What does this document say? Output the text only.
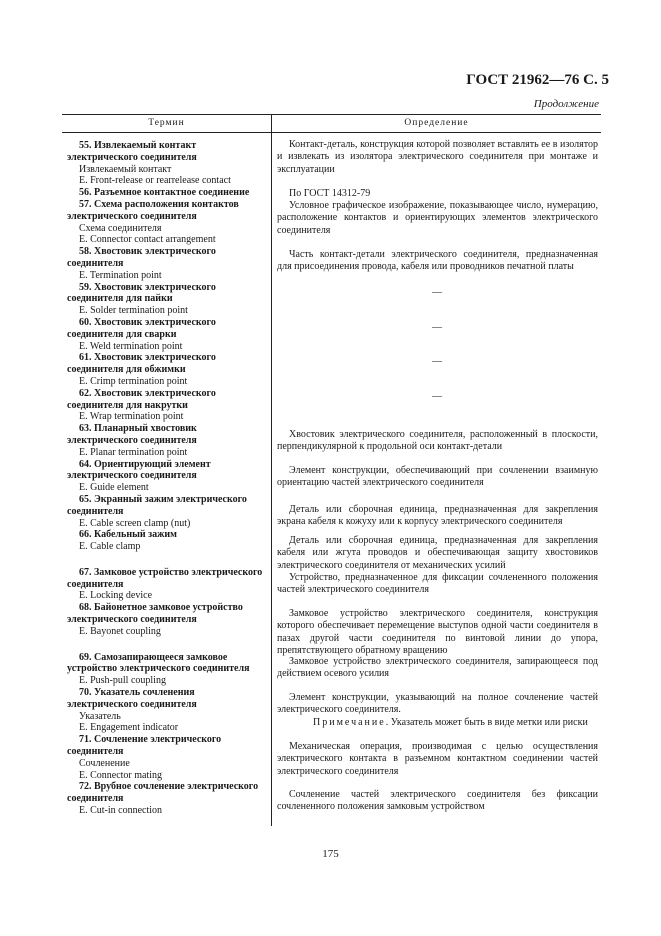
ГОСТ 21962—76 С. 5
Продолжение
Термин	Определение

55. Извлекаемый контакт электрического соединителя

Извлекаемый контакт

E. Front-release or rearrelease contact

56. Разъемное контактное соединение

57. Схема расположения контактов электрического соединителя

Схема соединителя

E. Connector contact arrangement

58. Хвостовик электрического соединителя

E. Termination point

59. Хвостовик электрического соединителя для пайки

E. Solder termination point

60. Хвостовик электрического соединителя для сварки

E. Weld termination point

61. Хвостовик электрического соединителя для обжимки

E. Crimp termination point

62. Хвостовик электрического соединителя для накрутки

E. Wrap termination point

63. Планарный хвостовик электрического соединителя

E. Planar termination point

64. Ориентирующий элемент электрического соединителя

E. Guide element

65. Экранный зажим электрического соединителя

E. Cable screen clamp (nut)

66. Кабельный зажим

E. Cable clamp

67. Замковое устройство электрического соединителя

E. Locking device

68. Байонетное замковое устройство электрического соединителя

E. Bayonet coupling

69. Самозапирающееся замковое устройство электрического соединителя

E. Push-pull coupling

70. Указатель сочленения электрического соединителя

Указатель

E. Engagement indicator

71. Сочленение электрического соединителя

Сочленение

E. Connector mating

72. Врубное сочленение электрического соединителя

E. Cut-in connection

Контакт-деталь, конструкция которой позволяет вставлять ее в изолятор и извлекать из изолятора электрического соединителя при монтаже и эксплуатации

По ГОСТ 14312-79

Условное графическое изображение, показывающее число, нумерацию, расположение контактов и ориентирующих элементов электрического соединителя

Часть контакт-детали электрического соединителя, предназначенная для присоединения провода, кабеля или проводников печатной платы

—
—
—
—

Хвостовик электрического соединителя, расположенный в плоскости, перпендикулярной к продольной оси контакт-детали

Элемент конструкции, обеспечивающий при сочленении взаимную ориентацию частей электрического соединителя

Деталь или сборочная единица, предназначенная для закрепления экрана кабеля к кожуху или к корпусу электрического соединителя

Деталь или сборочная единица, предназначенная для закрепления кабеля или жгута проводов и обеспечивающая защиту хвостовиков электрического соединителя от механических усилий

Устройство, предназначенное для фиксации сочлененного положения частей электрического соединителя

Замковое устройство электрического соединителя, конструкция которого обеспечивает перемещение выступов одной части соединителя в пазах другой части соединителя по винтовой линии до упора, препятствующего обратному вращению

Замковое устройство электрического соединителя, запирающееся под действием осевого усилия

Элемент конструкции, указывающий на полное сочленение частей электрического соединителя.

Примечание. Указатель может быть в виде метки или риски

Механическая операция, производимая с целью осуществления электрического контакта в разъемном контактном соединении частей электрического соединителя

Сочленение частей электрического соединителя без фиксации сочлененного положения замковым устройством

175
